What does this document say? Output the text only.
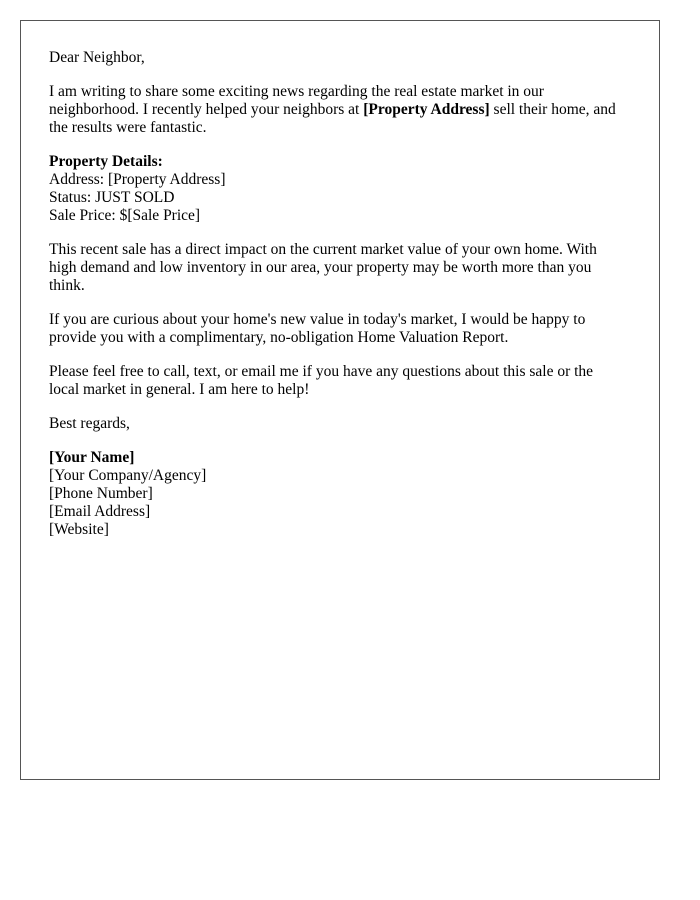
Dear Neighbor,

I am writing to share some exciting news regarding the real estate market in our neighborhood. I recently helped your neighbors at [Property Address] sell their home, and the results were fantastic.

Property Details:
Address: [Property Address]
Status: JUST SOLD
Sale Price: $[Sale Price]

This recent sale has a direct impact on the current market value of your own home. With high demand and low inventory in our area, your property may be worth more than you think.

If you are curious about your home's new value in today's market, I would be happy to provide you with a complimentary, no-obligation Home Valuation Report.

Please feel free to call, text, or email me if you have any questions about this sale or the local market in general. I am here to help!

Best regards,

[Your Name]
[Your Company/Agency]
[Phone Number]
[Email Address]
[Website]
